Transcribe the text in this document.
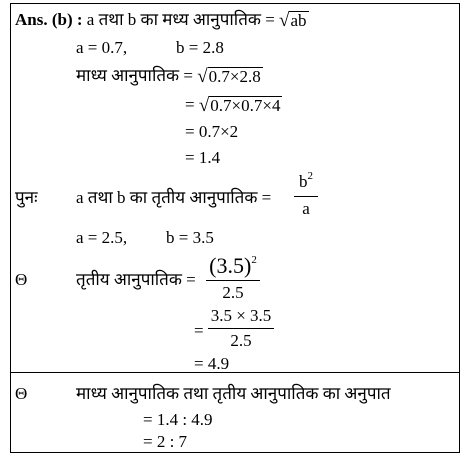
Ans. (b) : a तथा b का मध्य आनुपातिक = √ ab
a = 0.7,	b = 2.8
माध्य आनुपातिक = √ 0.7×2.8
= √ 0.7×0.7×4
= 0.7×2
= 1.4
पुनः a तथा b का तृतीय आनुपातिक = $\frac{b^2}{a}$
a = 2.5, b = 3.5
Θ	तृतीय आनुपातिक = $\frac{(3.5)^2}{2.5}$
= $\frac{3.5 \times 3.5}{2.5}$
= 4.9
Θ	माध्य आनुपातिक तथा तृतीय आनुपातिक का अनुपात
= 1.4 : 4.9
= 2 : 7
